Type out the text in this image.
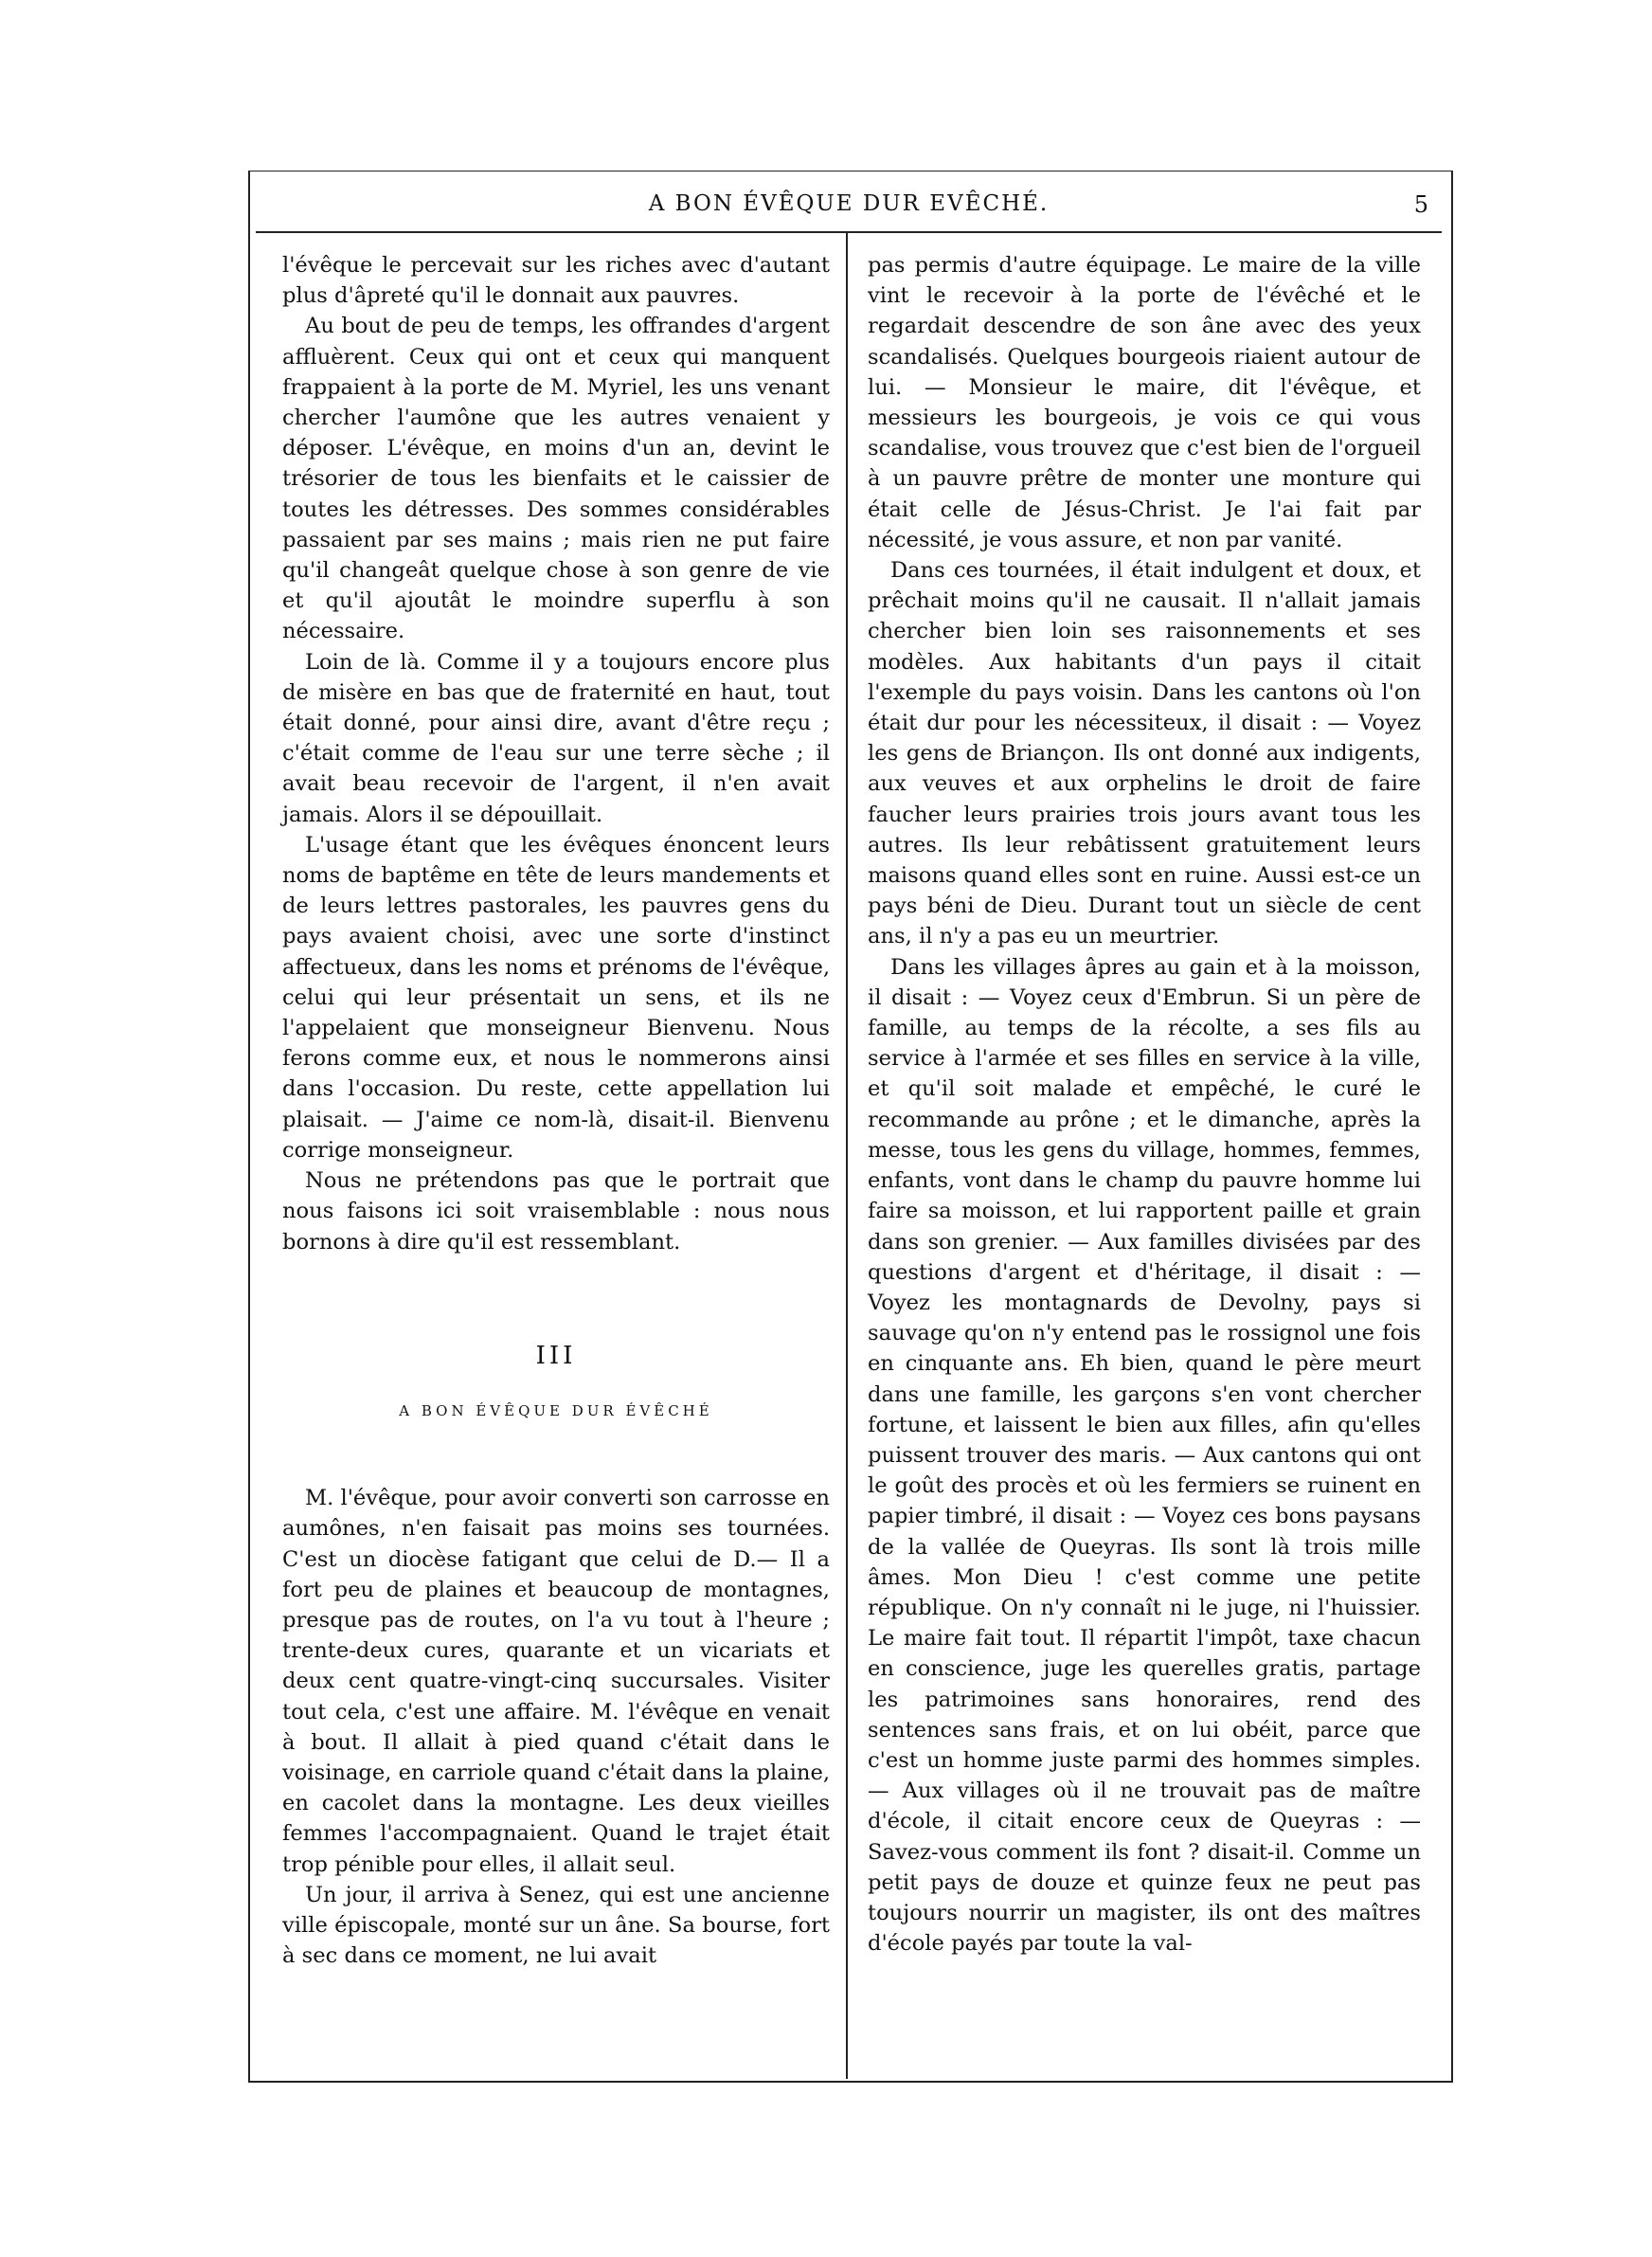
A BON ÉVÊQUE DUR EVÊCHÉ.	5

l'évêque le percevait sur les riches avec d'autant plus d'âpreté qu'il le donnait aux pauvres.

Au bout de peu de temps, les offrandes d'argent affluèrent. Ceux qui ont et ceux qui manquent frappaient à la porte de M. Myriel, les uns venant chercher l'aumône que les autres venaient y déposer. L'évêque, en moins d'un an, devint le trésorier de tous les bienfaits et le caissier de toutes les détresses. Des sommes considérables passaient par ses mains ; mais rien ne put faire qu'il changeât quelque chose à son genre de vie et qu'il ajoutât le moindre superflu à son nécessaire.

Loin de là. Comme il y a toujours encore plus de misère en bas que de fraternité en haut, tout était donné, pour ainsi dire, avant d'être reçu ; c'était comme de l'eau sur une terre sèche ; il avait beau recevoir de l'argent, il n'en avait jamais. Alors il se dépouillait.

L'usage étant que les évêques énoncent leurs noms de baptême en tête de leurs mandements et de leurs lettres pastorales, les pauvres gens du pays avaient choisi, avec une sorte d'instinct affectueux, dans les noms et prénoms de l'évêque, celui qui leur présentait un sens, et ils ne l'appelaient que monseigneur Bienvenu. Nous ferons comme eux, et nous le nommerons ainsi dans l'occasion. Du reste, cette appellation lui plaisait. — J'aime ce nom-là, disait-il. Bienvenu corrige monseigneur.

Nous ne prétendons pas que le portrait que nous faisons ici soit vraisemblable : nous nous bornons à dire qu'il est ressemblant.

III
A BON ÉVÊQUE DUR ÉVÊCHÉ

M. l'évêque, pour avoir converti son carrosse en aumônes, n'en faisait pas moins ses tournées. C'est un diocèse fatigant que celui de D.— Il a fort peu de plaines et beaucoup de montagnes, presque pas de routes, on l'a vu tout à l'heure ; trente-deux cures, quarante et un vicariats et deux cent quatre-vingt-cinq succursales. Visiter tout cela, c'est une affaire. M. l'évêque en venait à bout. Il allait à pied quand c'était dans le voisinage, en carriole quand c'était dans la plaine, en cacolet dans la montagne. Les deux vieilles femmes l'accompagnaient. Quand le trajet était trop pénible pour elles, il allait seul.

Un jour, il arriva à Senez, qui est une ancienne ville épiscopale, monté sur un âne. Sa bourse, fort à sec dans ce moment, ne lui avait

pas permis d'autre équipage. Le maire de la ville vint le recevoir à la porte de l'évêché et le regardait descendre de son âne avec des yeux scandalisés. Quelques bourgeois riaient autour de lui. — Monsieur le maire, dit l'évêque, et messieurs les bourgeois, je vois ce qui vous scandalise, vous trouvez que c'est bien de l'orgueil à un pauvre prêtre de monter une monture qui était celle de Jésus-Christ. Je l'ai fait par nécessité, je vous assure, et non par vanité.

Dans ces tournées, il était indulgent et doux, et prêchait moins qu'il ne causait. Il n'allait jamais chercher bien loin ses raisonnements et ses modèles. Aux habitants d'un pays il citait l'exemple du pays voisin. Dans les cantons où l'on était dur pour les nécessiteux, il disait : — Voyez les gens de Briançon. Ils ont donné aux indigents, aux veuves et aux orphelins le droit de faire faucher leurs prairies trois jours avant tous les autres. Ils leur rebâtissent gratuitement leurs maisons quand elles sont en ruine. Aussi est-ce un pays béni de Dieu. Durant tout un siècle de cent ans, il n'y a pas eu un meurtrier.

Dans les villages âpres au gain et à la moisson, il disait : — Voyez ceux d'Embrun. Si un père de famille, au temps de la récolte, a ses fils au service à l'armée et ses filles en service à la ville, et qu'il soit malade et empêché, le curé le recommande au prône ; et le dimanche, après la messe, tous les gens du village, hommes, femmes, enfants, vont dans le champ du pauvre homme lui faire sa moisson, et lui rapportent paille et grain dans son grenier. — Aux familles divisées par des questions d'argent et d'héritage, il disait : — Voyez les montagnards de Devolny, pays si sauvage qu'on n'y entend pas le rossignol une fois en cinquante ans. Eh bien, quand le père meurt dans une famille, les garçons s'en vont chercher fortune, et laissent le bien aux filles, afin qu'elles puissent trouver des maris. — Aux cantons qui ont le goût des procès et où les fermiers se ruinent en papier timbré, il disait : — Voyez ces bons paysans de la vallée de Queyras. Ils sont là trois mille âmes. Mon Dieu ! c'est comme une petite république. On n'y connaît ni le juge, ni l'huissier. Le maire fait tout. Il répartit l'impôt, taxe chacun en conscience, juge les querelles gratis, partage les patrimoines sans honoraires, rend des sentences sans frais, et on lui obéit, parce que c'est un homme juste parmi des hommes simples. — Aux villages où il ne trouvait pas de maître d'école, il citait encore ceux de Queyras : — Savez-vous comment ils font ? disait-il. Comme un petit pays de douze et quinze feux ne peut pas toujours nourrir un magister, ils ont des maîtres d'école payés par toute la val-
